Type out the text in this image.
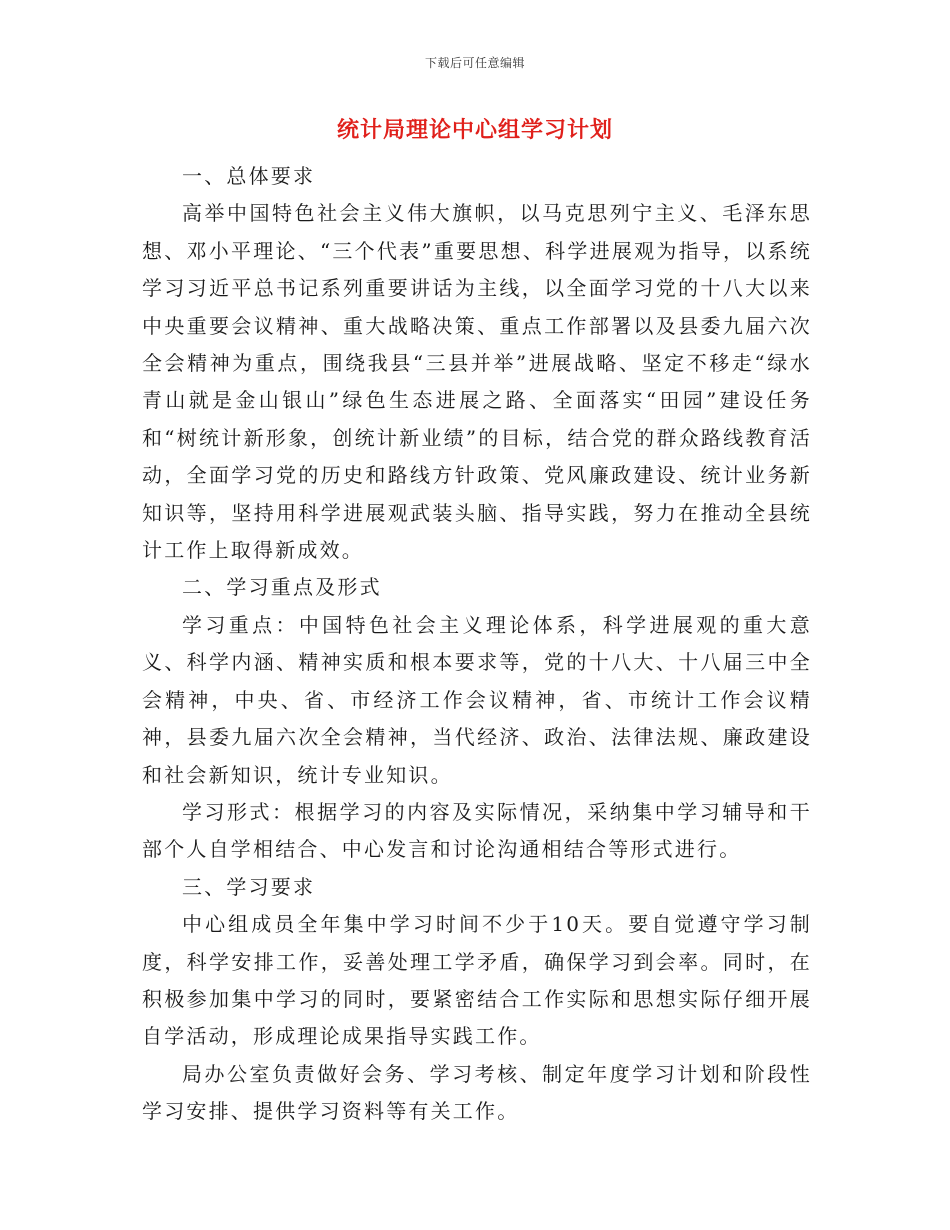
下载后可任意编辑
统计局理论中心组学习计划

一、总体要求

高举中国特色社会主义伟大旗帜，以马克思列宁主义、毛泽东思想、邓小平理论、“三个代表”重要思想、科学进展观为指导，以系统学习习近平总书记系列重要讲话为主线，以全面学习党的十八大以来中央重要会议精神、重大战略决策、重点工作部署以及县委九届六次全会精神为重点，围绕我县“三县并举”进展战略、坚定不移走“绿水青山就是金山银山”绿色生态进展之路、全面落实“田园”建设任务和“树统计新形象，创统计新业绩”的目标，结合党的群众路线教育活动，全面学习党的历史和路线方针政策、党风廉政建设、统计业务新知识等，坚持用科学进展观武装头脑、指导实践，努力在推动全县统计工作上取得新成效。

二、学习重点及形式

学习重点：中国特色社会主义理论体系，科学进展观的重大意义、科学内涵、精神实质和根本要求等，党的十八大、十八届三中全会精神，中央、省、市经济工作会议精神，省、市统计工作会议精神，县委九届六次全会精神，当代经济、政治、法律法规、廉政建设和社会新知识，统计专业知识。

学习形式：根据学习的内容及实际情况，采纳集中学习辅导和干部个人自学相结合、中心发言和讨论沟通相结合等形式进行。

三、学习要求

中心组成员全年集中学习时间不少于10天。要自觉遵守学习制度，科学安排工作，妥善处理工学矛盾，确保学习到会率。同时，在积极参加集中学习的同时，要紧密结合工作实际和思想实际仔细开展自学活动，形成理论成果指导实践工作。

局办公室负责做好会务、学习考核、制定年度学习计划和阶段性学习安排、提供学习资料等有关工作。
